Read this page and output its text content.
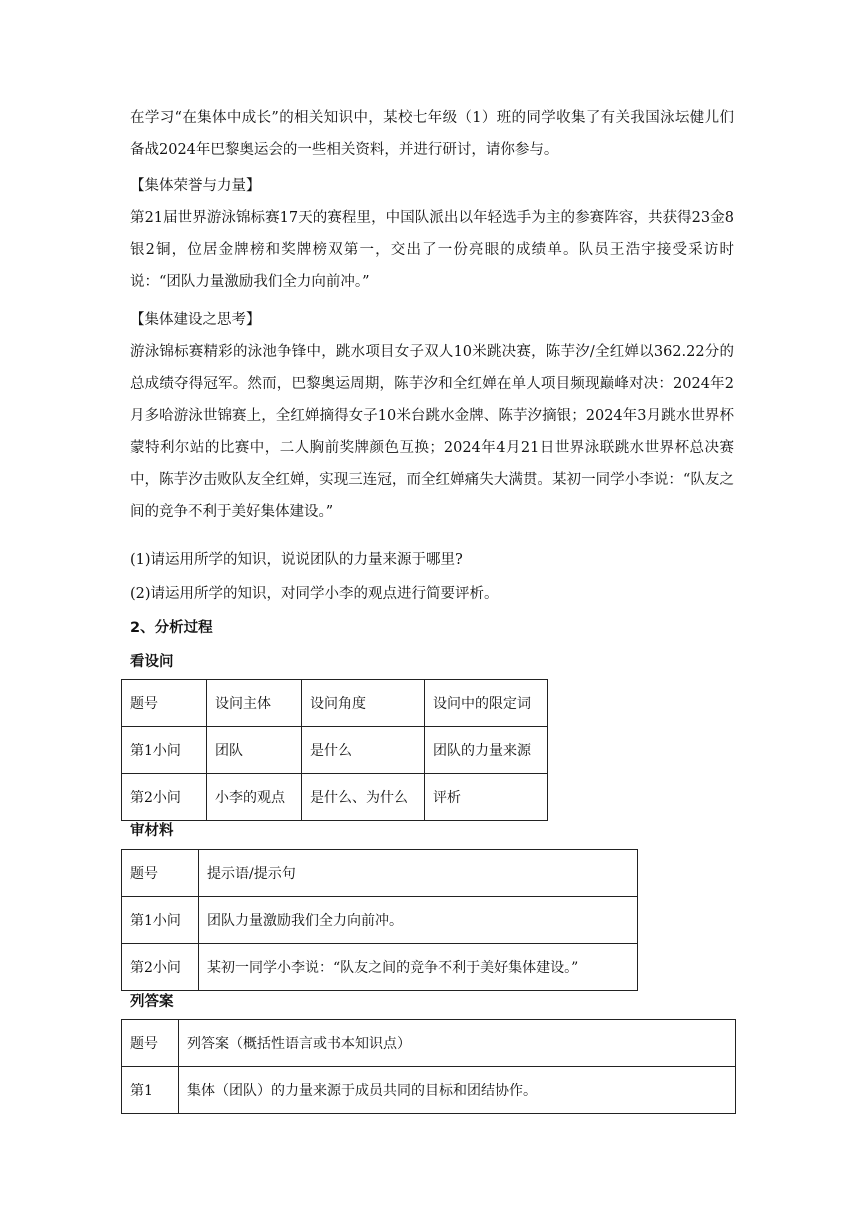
在学习“在集体中成长”的相关知识中，某校七年级（1）班的同学收集了有关我国泳坛健儿们备战2024年巴黎奥运会的一些相关资料，并进行研讨，请你参与。

【集体荣誉与力量】

第21届世界游泳锦标赛17天的赛程里，中国队派出以年轻选手为主的参赛阵容，共获得23金8银2铜，位居金牌榜和奖牌榜双第一，交出了一份亮眼的成绩单。队员王浩宇接受采访时说：“团队力量激励我们全力向前冲。”

【集体建设之思考】

游泳锦标赛精彩的泳池争锋中，跳水项目女子双人10米跳决赛，陈芋汐/全红婵以362.22分的总成绩夺得冠军。然而，巴黎奥运周期，陈芋汐和全红婵在单人项目频现巅峰对决：2024年2月多哈游泳世锦赛上，全红婵摘得女子10米台跳水金牌、陈芋汐摘银；2024年3月跳水世界杯蒙特利尔站的比赛中，二人胸前奖牌颜色互换；2024年4月21日世界泳联跳水世界杯总决赛中，陈芋汐击败队友全红婵，实现三连冠，而全红婵痛失大满贯。某初一同学小李说：“队友之间的竞争不利于美好集体建设。”

(1)请运用所学的知识，说说团队的力量来源于哪里?

(2)请运用所学的知识，对同学小李的观点进行简要评析。

2、分析过程

看设问

题号	设问主体	设问角度	设问中的限定词
第1小问	团队	是什么	团队的力量来源
第2小问	小李的观点	是什么、为什么	评析

审材料

题号	提示语/提示句
第1小问	团队力量激励我们全力向前冲。
第2小问	某初一同学小李说：“队友之间的竞争不利于美好集体建设。”

列答案

题号	列答案（概括性语言或书本知识点）
第1	集体（团队）的力量来源于成员共同的目标和团结协作。
